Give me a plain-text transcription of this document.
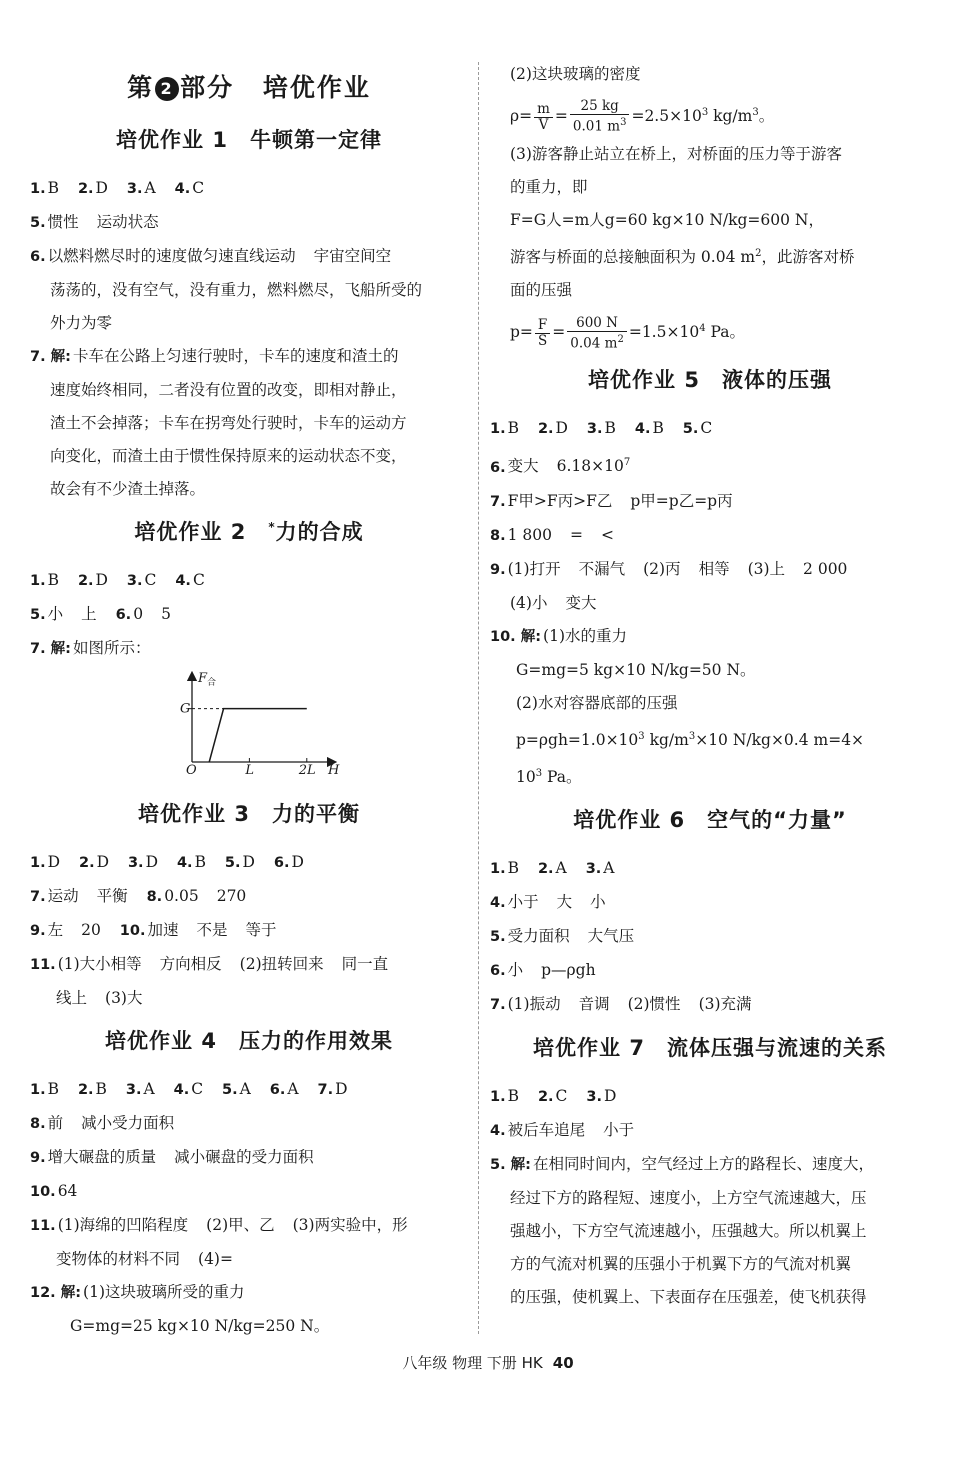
第 2 部分 培优作业
培优作业 1 牛顿第一定律
1. B 2. D 3. A 4. C
5. 惯性 运动状态
6. 以燃料燃尽时的速度做匀速直线运动 宇宙空间空
荡荡的，没有空气，没有重力，燃料燃尽，飞船所受的
外力为零
7. 解: 卡车在公路上匀速行驶时，卡车的速度和渣土的
速度始终相同，二者没有位置的改变，即相对静止，
渣土不会掉落；卡车在拐弯处行驶时，卡车的运动方
向变化，而渣土由于惯性保持原来的运动状态不变，
故会有不少渣土掉落。
培优作业 2 *力的合成
1. B 2. D 3. C 4. C
5. 小 上 6. 0 5
7. 解: 如图所示：
G
O	L	2L H
$F_合$
培优作业 3 力的平衡
1. D 2. D 3. D 4. B 5. D 6. D
7. 运动 平衡 8. 0.05 270
9. 左 20 10. 加速 不是 等于
11. (1)大小相等 方向相反 (2)扭转回来 同一直
线上 (3)大
培优作业 4 压力的作用效果
1. B 2. B 3. A 4. C 5. A 6. A 7. D
8. 前 减小受力面积
9. 增大碾盘的质量 减小碾盘的受力面积
10. 64
11. (1)海绵的凹陷程度 (2)甲、乙 (3)两实验中，形
变物体的材料不同 (4)=
12. 解: (1)这块玻璃所受的重力
G=mg=25 kg×10 N/kg=250 N。
(2)这块玻璃的密度
$\rho= \frac{m}{V} = \frac{25 kg}{0.01 m^3} =2.5\times 10^3$ $kg/m^3$。
(3)游客静止站立在桥上，对桥面的压力等于游客
的重力，即
F=G人=m人g=60 kg×10 N/kg=600 N，
游客与桥面的总接触面积为 0.04 $m^2$，此游客对桥
面的压强
$p= \frac{F}{S} = \frac{600 N}{0.04 m^2} =1.5\times 10^4$ Pa。
培优作业 5 液体的压强
1. B 2. D 3. B 4. B 5. C
6. 变大 $6.18\times 10^7$
7. F甲>F丙>F乙 p甲=p乙=p丙
8. 1 800 = <
9. (1)打开 不漏气 (2)丙 相等 (3)上 2 000
(4)小 变大
10. 解: (1)水的重力
G=mg=5 kg×10 N/kg=50 N。
(2)水对容器底部的压强
$p=\rho gh=1.0\times 10^3$ $kg/m^3\times 10$ N/kg×0.4 m=4×
$10^3$ Pa。
培优作业 6 空气的“力量”
1. B 2. A 3. A
4. 小于 大 小
5. 受力面积 大气压
6. 小 p—ρgh
7. (1)振动 音调 (2)惯性 (3)充满
培优作业 7 流体压强与流速的关系
1. B 2. C 3. D
4. 被后车追尾 小于
5. 解: 在相同时间内，空气经过上方的路程长、速度大，
经过下方的路程短、速度小，上方空气流速越大，压
强越小，下方空气流速越小，压强越大。所以机翼上
方的气流对机翼的压强小于机翼下方的气流对机翼
的压强，使机翼上、下表面存在压强差，使飞机获得
八年级 物理 下册 HK 40
